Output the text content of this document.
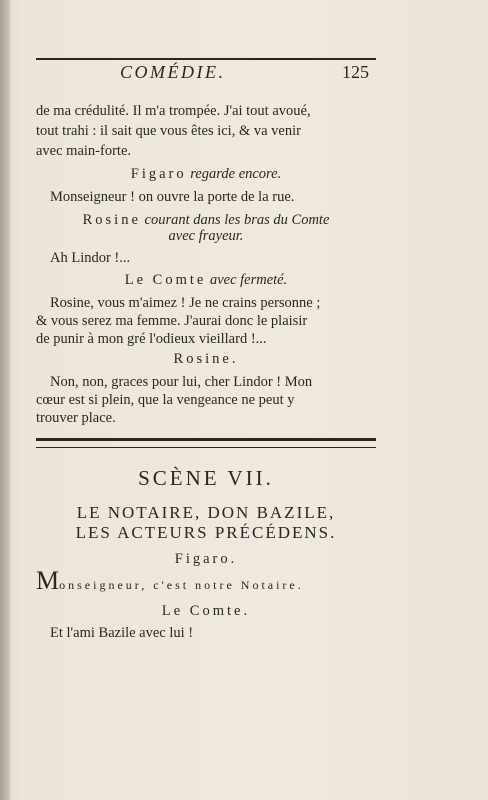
COMÉDIE.	125
de ma crédulité. Il m'a trompée. J'ai tout avoué,
tout trahi : il sait que vous êtes ici, & va venir
avec main-forte.
Figaro regarde encore.
Monseigneur ! on ouvre la porte de la rue.
Rosine courant dans les bras du Comte
avec frayeur.
Ah Lindor !...
Le Comte avec fermeté.
Rosine, vous m'aimez ! Je ne crains personne ;
& vous serez ma femme. J'aurai donc le plaisir
de punir à mon gré l'odieux vieillard !...
Rosine.
Non, non, graces pour lui, cher Lindor ! Mon
cœur est si plein, que la vengeance ne peut y
trouver place.
SCÈNE VII.
LE NOTAIRE, DON BAZILE,
LES ACTEURS PRÉCÉDENS.
Figaro.
Monseigneur, c'est notre Notaire.
Le Comte.
Et l'ami Bazile avec lui !
